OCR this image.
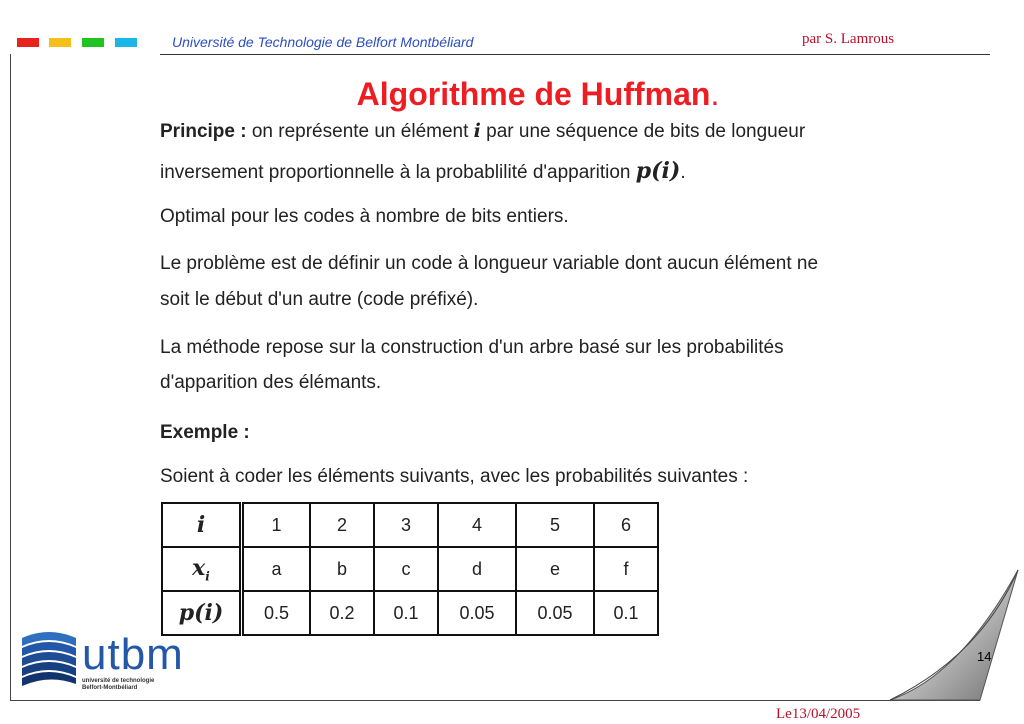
Université de Technologie de Belfort Montbéliard	par S. Lamrous
Algorithme de Huffman.
Principe : on représente un élément i par une séquence de bits de longueur
inversement proportionnelle à la probablilité d'apparition p(i).
Optimal pour les codes à nombre de bits entiers.
Le problème est de définir un code à longueur variable dont aucun élément ne
soit le début d'un autre (code préfixé).
La méthode repose sur la construction d'un arbre basé sur les probabilités
d'apparition des élémants.
Exemple :
Soient à coder les éléments suivants, avec les probabilités suivantes :
i	1	2	3	4	5	6
$x_i$	a	b	c	d	e	f
p(i)	0.5	0.2	0.1	0.05	0.05	0.1
utbm
université de technologie
Belfort-Montbéliard
14
Le13/04/2005
